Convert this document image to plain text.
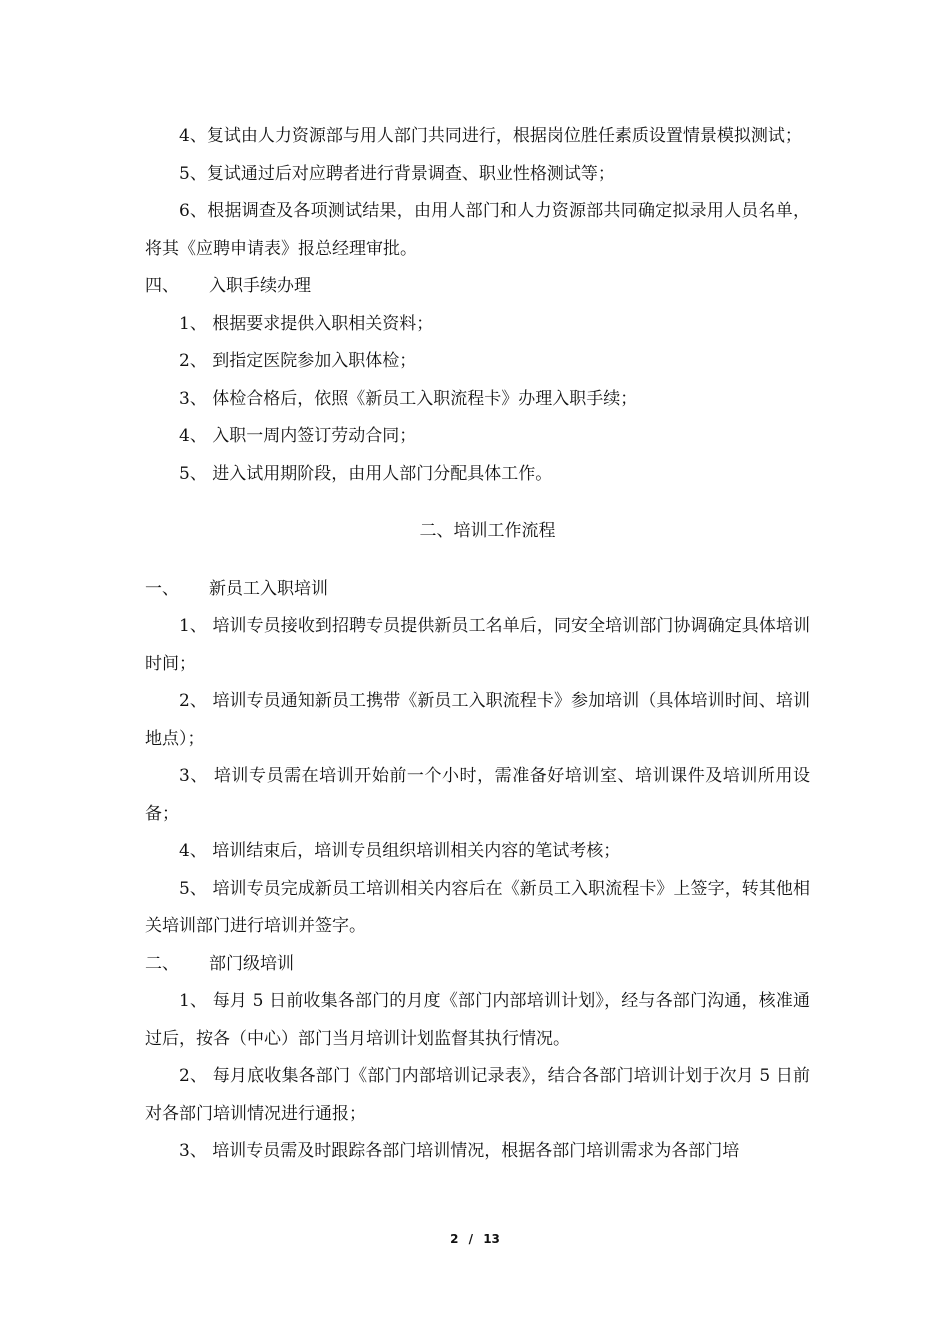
4、复试由人力资源部与用人部门共同进行，根据岗位胜任素质设置情景模拟测试；

5、复试通过后对应聘者进行背景调查、职业性格测试等；

6、根据调查及各项测试结果，由用人部门和人力资源部共同确定拟录用人员名单，将其《应聘申请表》报总经理审批。

四、	入职手续办理

1、 根据要求提供入职相关资料；

2、 到指定医院参加入职体检；

3、 体检合格后，依照《新员工入职流程卡》办理入职手续；

4、 入职一周内签订劳动合同；

5、 进入试用期阶段，由用人部门分配具体工作。

二、培训工作流程

一、	新员工入职培训

1、 培训专员接收到招聘专员提供新员工名单后，同安全培训部门协调确定具体培训时间；

2、 培训专员通知新员工携带《新员工入职流程卡》参加培训（具体培训时间、培训地点）；

3、 培训专员需在培训开始前一个小时，需准备好培训室、培训课件及培训所用设备；

4、 培训结束后，培训专员组织培训相关内容的笔试考核；

5、 培训专员完成新员工培训相关内容后在《新员工入职流程卡》上签字，转其他相关培训部门进行培训并签字。

二、	部门级培训

1、 每月 5 日前收集各部门的月度《部门内部培训计划》，经与各部门沟通，核准通过后，按各（中心）部门当月培训计划监督其执行情况。

2、 每月底收集各部门《部门内部培训记录表》，结合各部门培训计划于次月 5 日前对各部门培训情况进行通报；

3、 培训专员需及时跟踪各部门培训情况，根据各部门培训需求为各部门培

2 / 13
